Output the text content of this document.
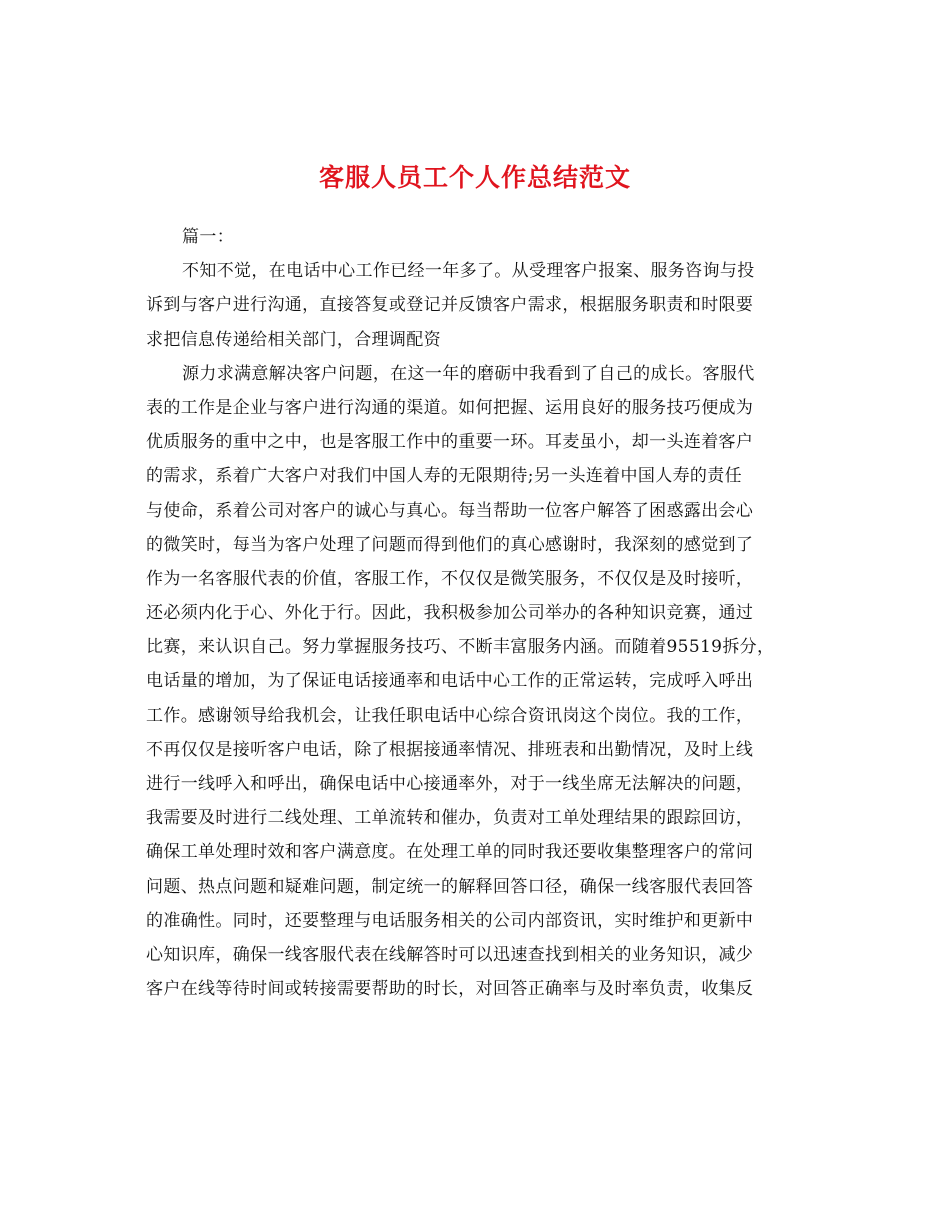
客服人员工个人作总结范文
篇一：
不知不觉，在电话中心工作已经一年多了。从受理客户报案、服务咨询与投
诉到与客户进行沟通，直接答复或登记并反馈客户需求，根据服务职责和时限要
求把信息传递给相关部门，合理调配资
源力求满意解决客户问题，在这一年的磨砺中我看到了自己的成长。客服代
表的工作是企业与客户进行沟通的渠道。如何把握、运用良好的服务技巧便成为
优质服务的重中之中，也是客服工作中的重要一环。耳麦虽小，却一头连着客户
的需求，系着广大客户对我们中国人寿的无限期待;另一头连着中国人寿的责任
与使命，系着公司对客户的诚心与真心。每当帮助一位客户解答了困惑露出会心
的微笑时，每当为客户处理了问题而得到他们的真心感谢时，我深刻的感觉到了
作为一名客服代表的价值，客服工作，不仅仅是微笑服务，不仅仅是及时接听，
还必须内化于心、外化于行。因此，我积极参加公司举办的各种知识竞赛，通过
比赛，来认识自己。努力掌握服务技巧、不断丰富服务内涵。而随着95519拆分，
电话量的增加，为了保证电话接通率和电话中心工作的正常运转，完成呼入呼出
工作。感谢领导给我机会，让我任职电话中心综合资讯岗这个岗位。我的工作，
不再仅仅是接听客户电话，除了根据接通率情况、排班表和出勤情况，及时上线
进行一线呼入和呼出，确保电话中心接通率外，对于一线坐席无法解决的问题，
我需要及时进行二线处理、工单流转和催办，负责对工单处理结果的跟踪回访，
确保工单处理时效和客户满意度。在处理工单的同时我还要收集整理客户的常问
问题、热点问题和疑难问题，制定统一的解释回答口径，确保一线客服代表回答
的准确性。同时，还要整理与电话服务相关的公司内部资讯，实时维护和更新中
心知识库，确保一线客服代表在线解答时可以迅速查找到相关的业务知识，减少
客户在线等待时间或转接需要帮助的时长，对回答正确率与及时率负责，收集反
